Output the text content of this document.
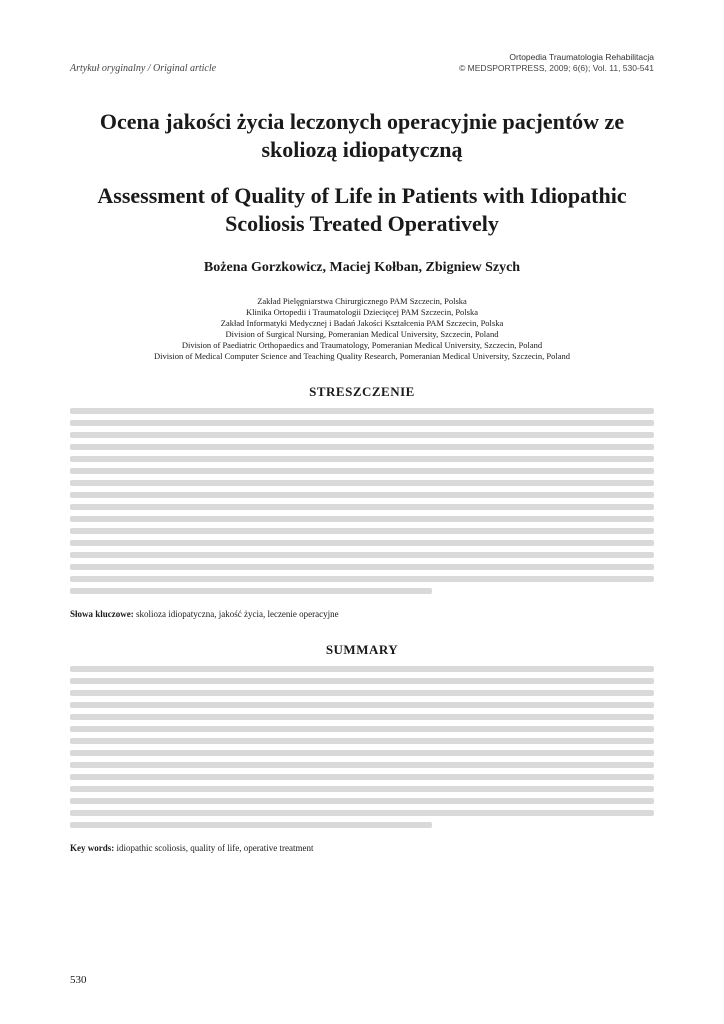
Artykuł oryginalny / Original article
Ortopedia Traumatologia Rehabilitacja
© MEDSPORTPRESS, 2009; 6(6); Vol. 11, 530-541
Ocena jakości życia leczonych operacyjnie pacjentów ze skoliozą idiopatyczną
Assessment of Quality of Life in Patients with Idiopathic Scoliosis Treated Operatively
Bożena Gorzkowicz, Maciej Kołban, Zbigniew Szych
Zakład Pielęgniarstwa Chirurgicznego PAM Szczecin, Polska
Klinika Ortopedii i Traumatologii Dziecięcej PAM Szczecin, Polska
Zakład Informatyki Medycznej i Badań Jakości Kształcenia PAM Szczecin, Polska
Division of Surgical Nursing, Pomeranian Medical University, Szczecin, Poland
Division of Paediatric Orthopaedics and Traumatology, Pomeranian Medical University, Szczecin, Poland
Division of Medical Computer Science and Teaching Quality Research, Pomeranian Medical University, Szczecin, Poland
STRESZCZENIE
Słowa kluczowe: skolioza idiopatyczna, jakość życia, leczenie operacyjne
SUMMARY
Key words: idiopathic scoliosis, quality of life, operative treatment
530
